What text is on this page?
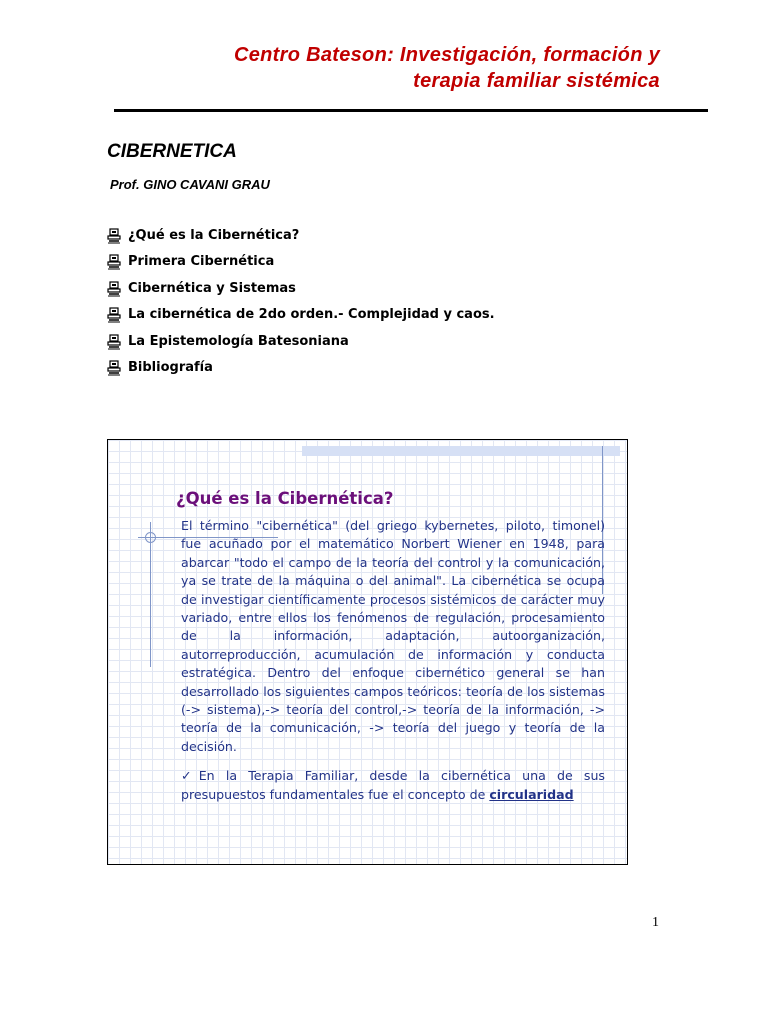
Centro Bateson: Investigación, formación y
terapia familiar sistémica
CIBERNETICA
Prof. GINO CAVANI GRAU
¿Qué es la Cibernética?
Primera Cibernética
Cibernética y Sistemas
La cibernética de 2do orden.- Complejidad y caos.
La Epistemología Batesoniana
Bibliografía
¿Qué es la Cibernética?

El término "cibernética" (del griego kybernetes, piloto, timonel) fue acuñado por el matemático Norbert Wiener en 1948, para abarcar "todo el campo de la teoría del control y la comunicación, ya se trate de la máquina o del animal". La cibernética se ocupa de investigar científicamente procesos sistémicos de carácter muy variado, entre ellos los fenómenos de regulación, procesamiento de la información, adaptación, autoorganización, autorreproducción, acumulación de información y conducta estratégica. Dentro del enfoque cibernético general se han desarrollado los siguientes campos teóricos: teoría de los sistemas (-> sistema),-> teoría del control,-> teoría de la información, -> teoría de la comunicación, -> teoría del juego y teoría de la decisión.

✓En la Terapia Familiar, desde la cibernética una de sus presupuestos fundamentales fue el concepto de circularidad

1
